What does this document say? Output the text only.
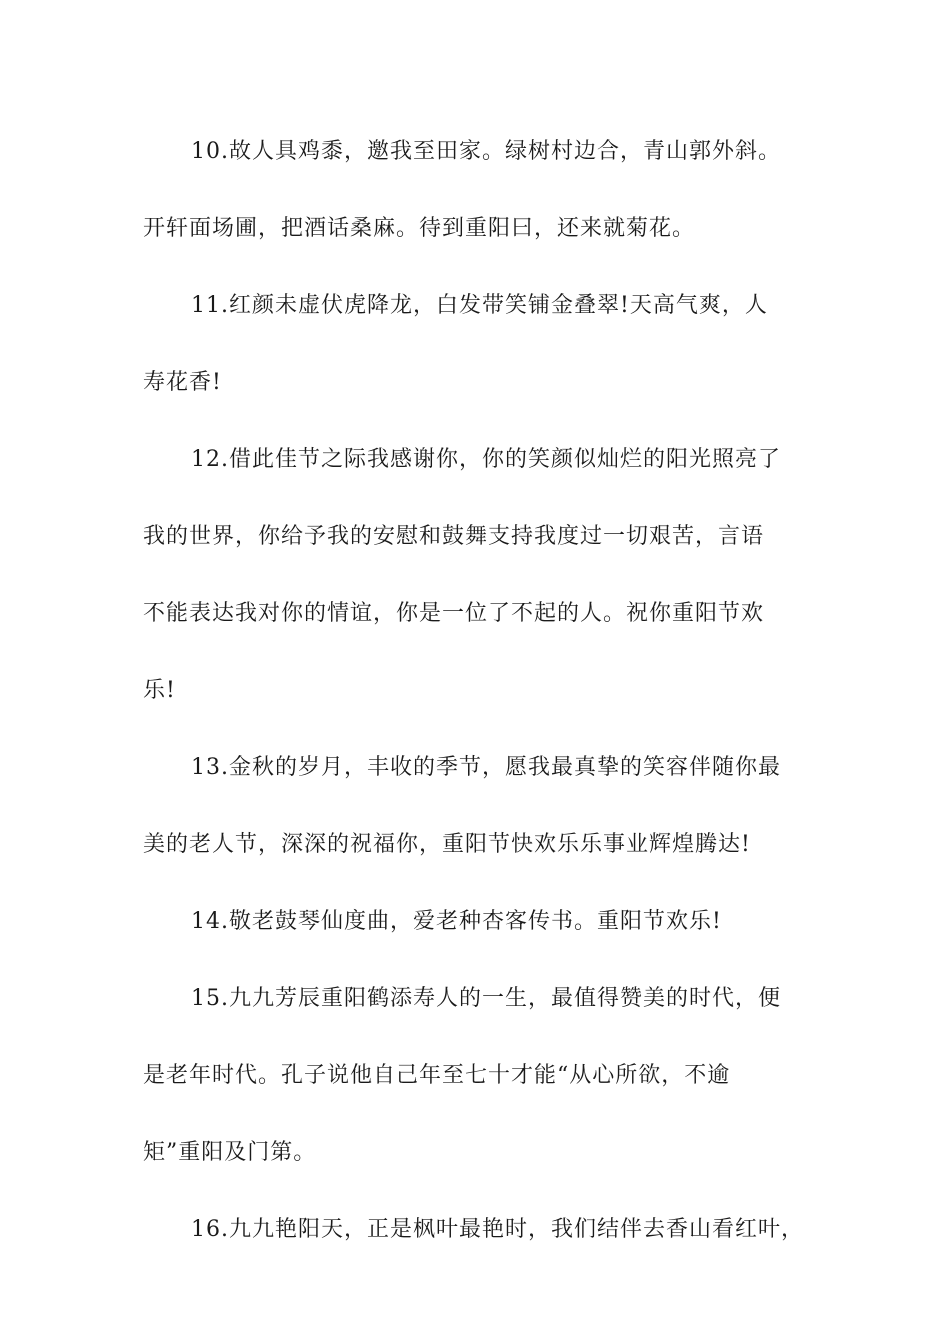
10.故人具鸡黍，邀我至田家。绿树村边合，青山郭外斜。
开轩面场圃，把酒话桑麻。待到重阳曰，还来就菊花。
11.红颜未虚伏虎降龙，白发带笑铺金叠翠!天高气爽，人
寿花香!
12.借此佳节之际我感谢你，你的笑颜似灿烂的阳光照亮了
我的世界，你给予我的安慰和鼓舞支持我度过一切艰苦，言语
不能表达我对你的情谊，你是一位了不起的人。祝你重阳节欢
乐!
13.金秋的岁月，丰收的季节，愿我最真挚的笑容伴随你最
美的老人节，深深的祝福你，重阳节快欢乐乐事业辉煌腾达!
14.敬老鼓琴仙度曲，爱老种杏客传书。重阳节欢乐!
15.九九芳辰重阳鹤添寿人的一生，最值得赞美的时代，便
是老年时代。孔子说他自己年至七十才能“从心所欲，不逾
矩”重阳及门第。
16.九九艳阳天，正是枫叶最艳时，我们结伴去香山看红叶，
